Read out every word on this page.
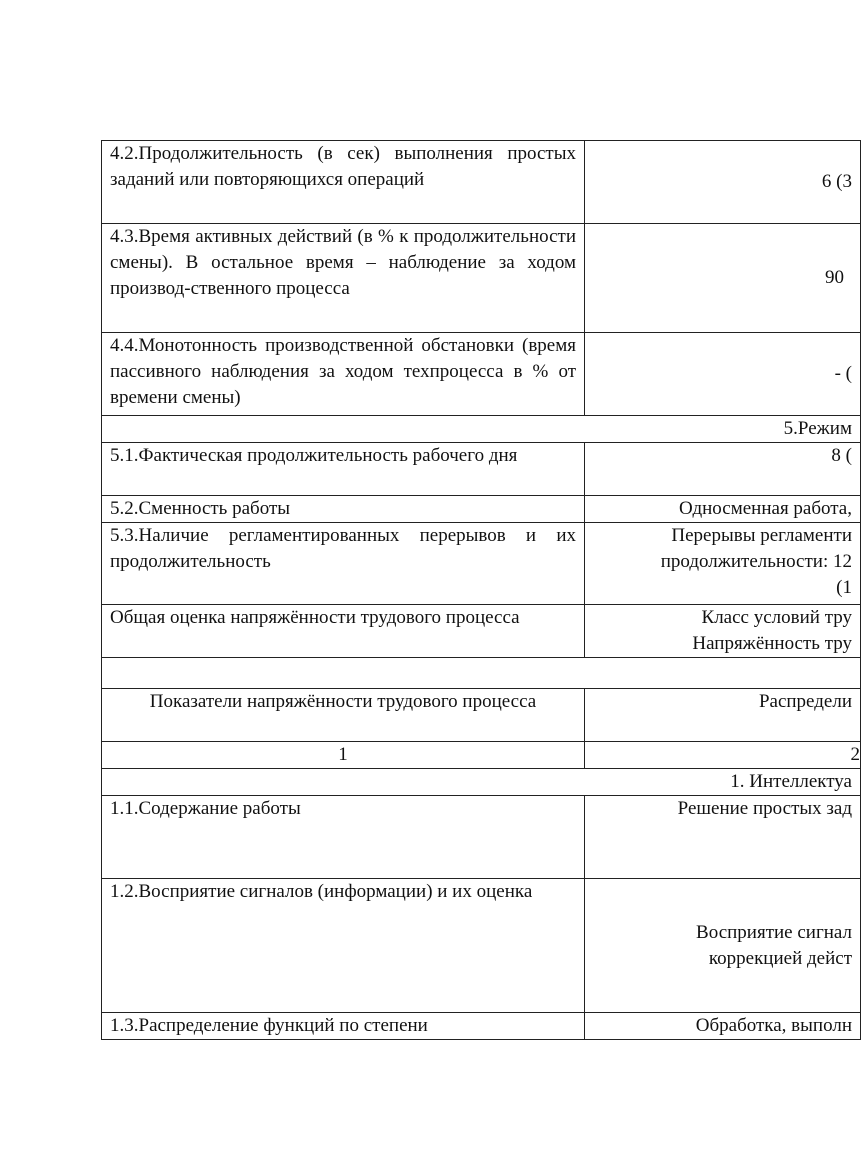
4.2.Продолжительность (в сек) выполнения простых заданий или повторяющихся операций	6 (3
4.3.Время активных действий (в % к продолжительности смены). В остальное время – наблюдение за ходом производ-ственного процесса	90
4.4.Монотонность производственной обстановки (время пассивного наблюдения за ходом техпроцесса в % от времени смены)	- (
5.Режим	
5.1.Фактическая продолжительность рабочего дня	8 (
5.2.Сменность работы	Односменная работа,
5.3.Наличие регламентированных перерывов и их продолжительность	Перерывы регламенти
продолжительности: 12
(1

Общая оценка напряжённости трудового процесса	Класс условий тру
Напряжённость тру

Показатели напряжённости трудового процесса	Распредели
1	2
1. Интеллектуа	
1.1.Содержание работы	Решение простых зад
1.2.Восприятие сигналов (информации) и их оценка	Восприятие сигнал
коррекцией дейст

1.3.Распределение функций по степени	Обработка, выполн
